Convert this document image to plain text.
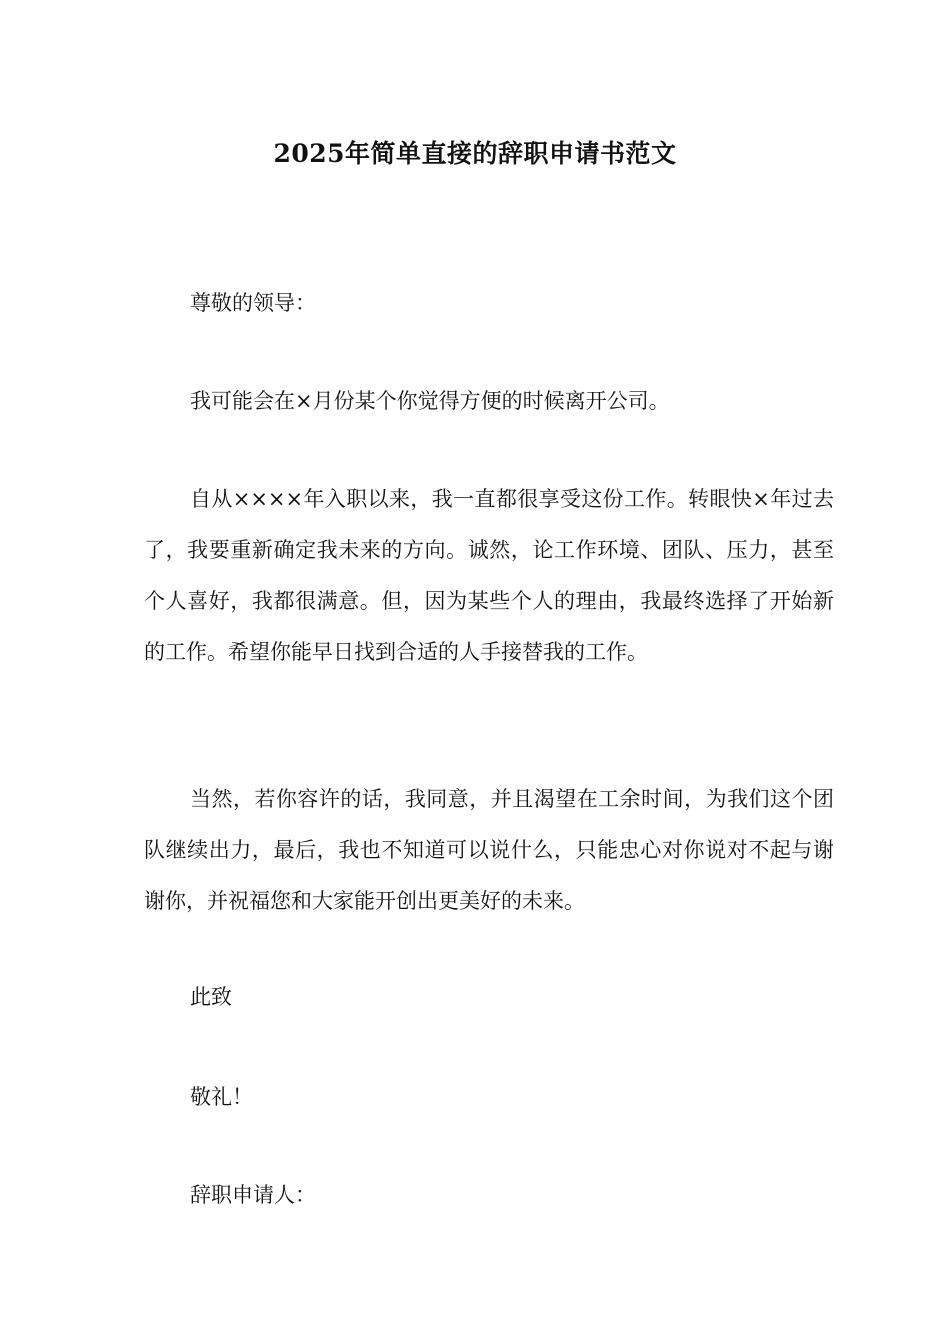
2025年简单直接的辞职申请书范文

尊敬的领导：

我可能会在×月份某个你觉得方便的时候离开公司。

自从××××年入职以来，我一直都很享受这份工作。转眼快×年过去了，我要重新确定我未来的方向。诚然，论工作环境、团队、压力，甚至个人喜好，我都很满意。但，因为某些个人的理由，我最终选择了开始新的工作。希望你能早日找到合适的人手接替我的工作。

当然，若你容许的话，我同意，并且渴望在工余时间，为我们这个团队继续出力，最后，我也不知道可以说什么，只能忠心对你说对不起与谢谢你，并祝福您和大家能开创出更美好的未来。

此致

敬礼！

辞职申请人：
